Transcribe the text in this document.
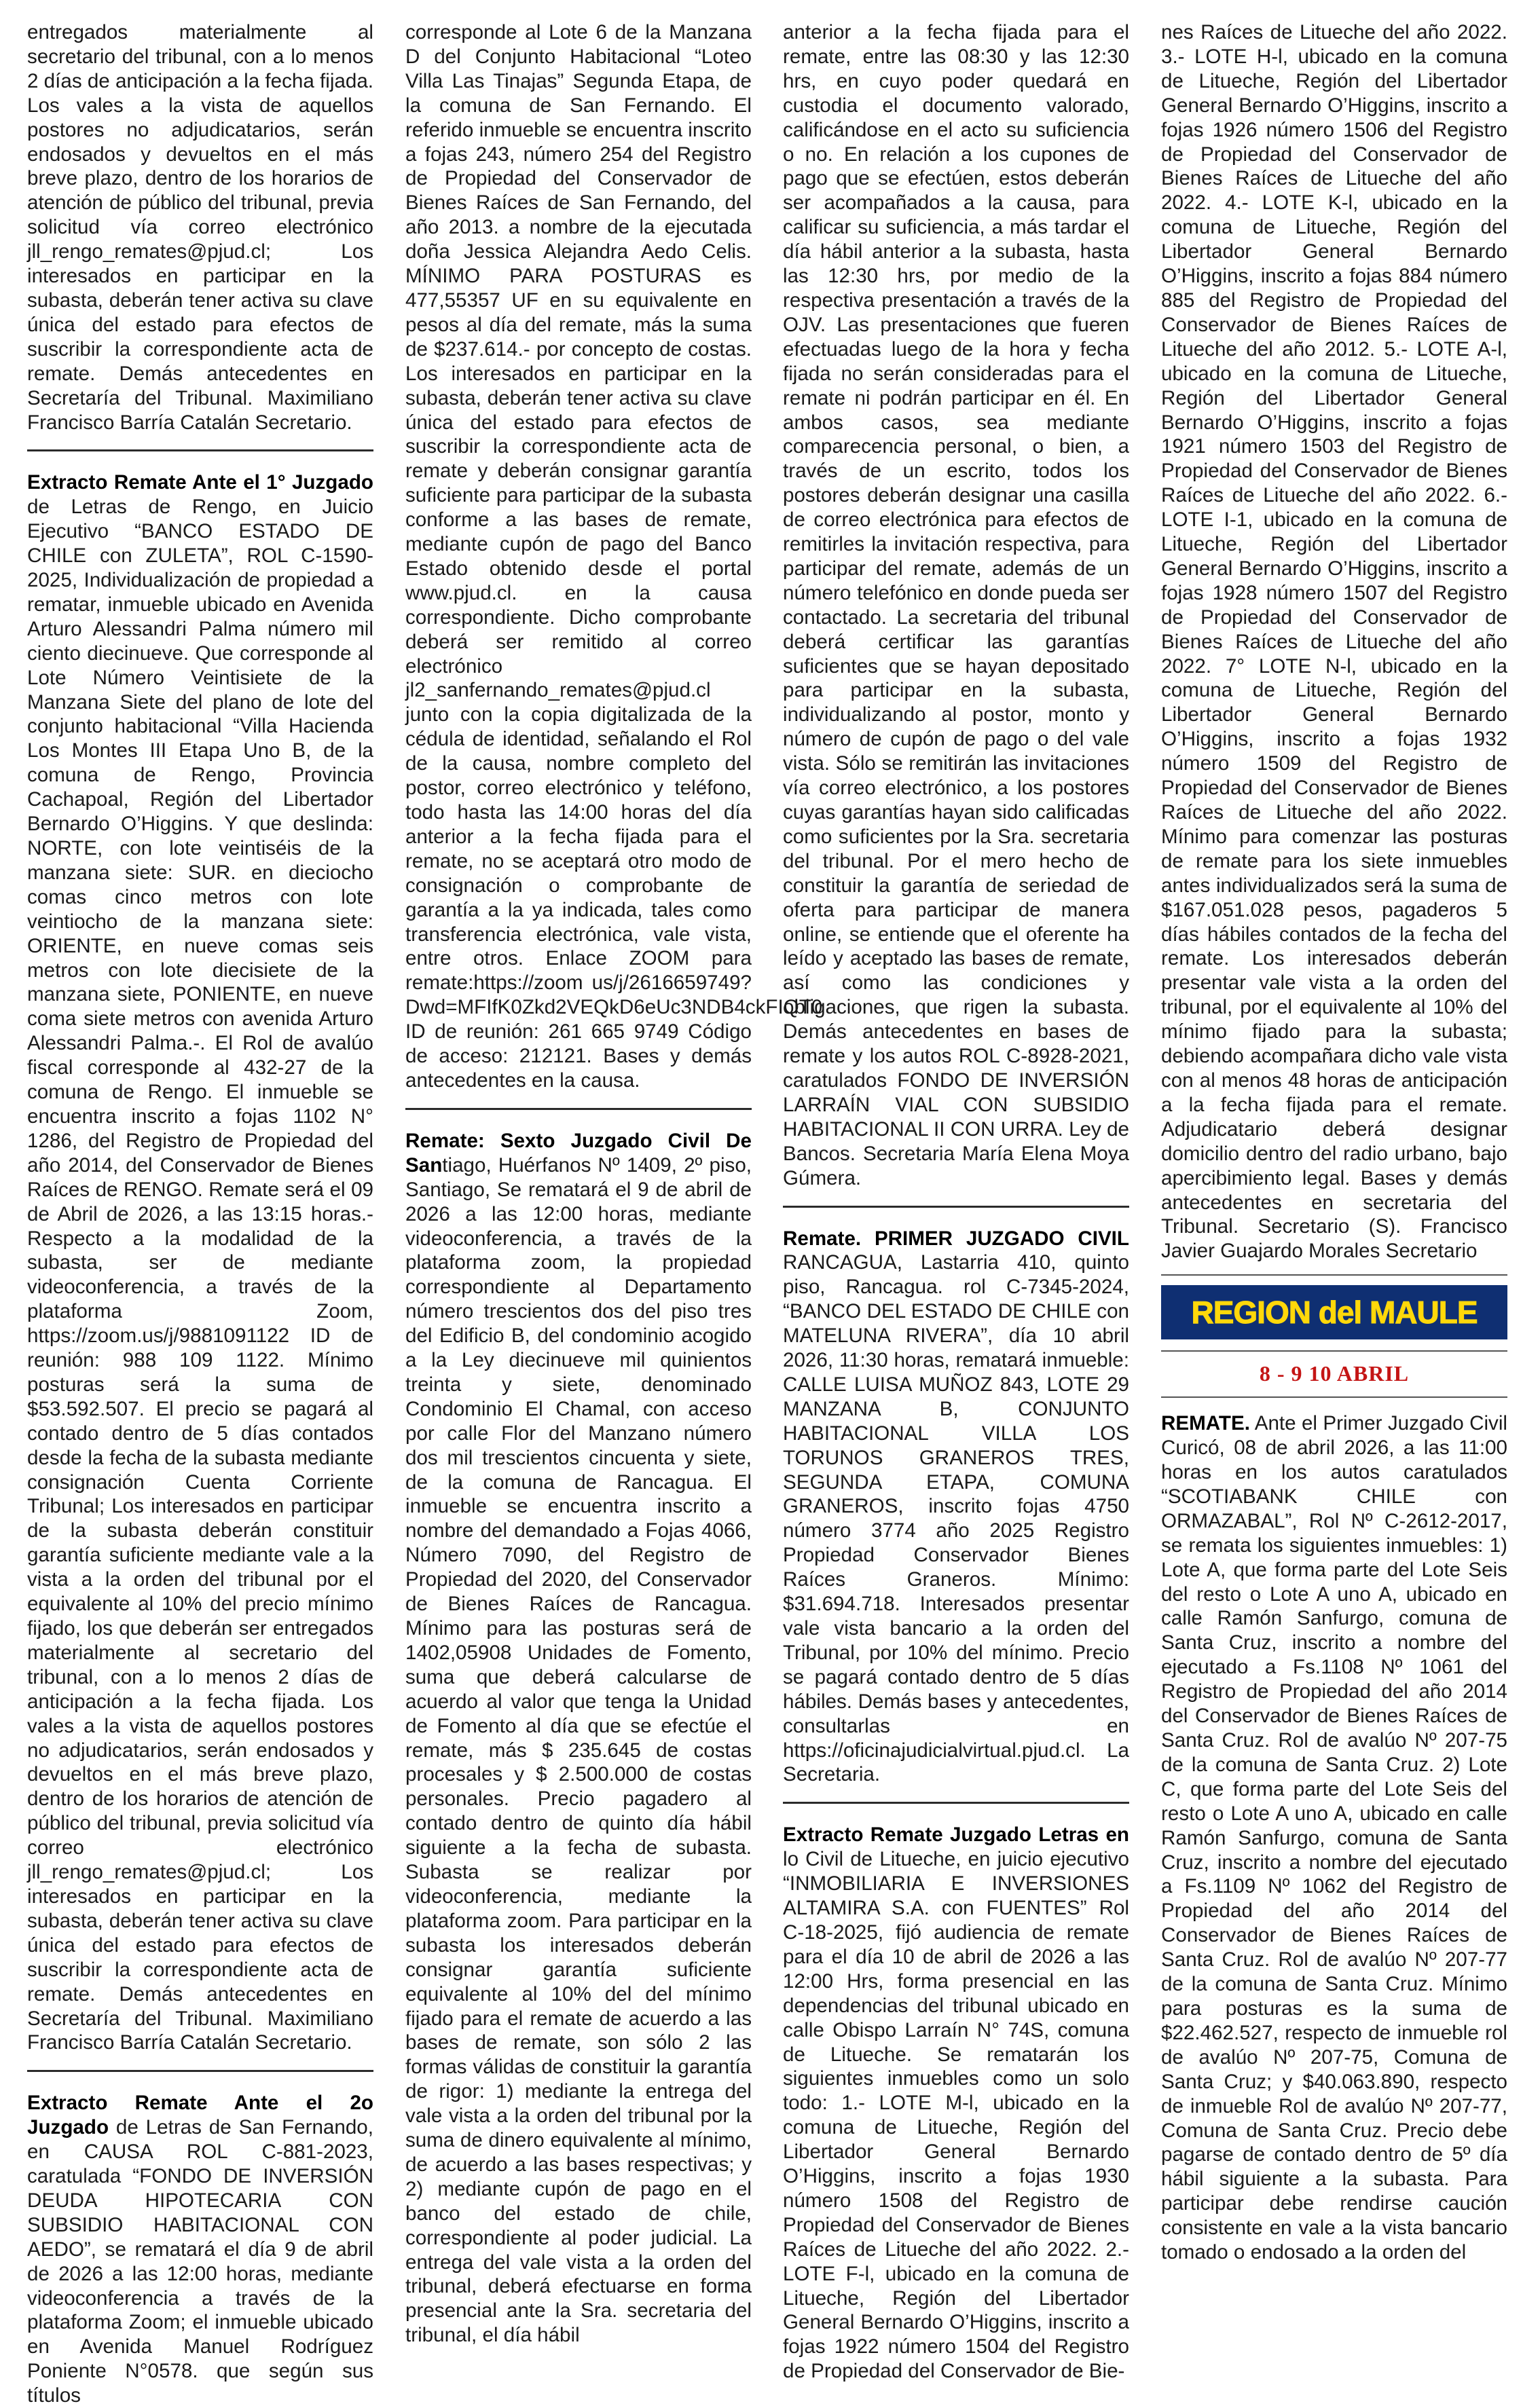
entregados materialmente al secretario del tribunal, con a lo menos 2 días de anticipación a la fecha fijada. Los vales a la vista de aquellos postores no adjudicatarios, serán endosados y devueltos en el más breve plazo, dentro de los horarios de atención de público del tribunal, previa solicitud vía correo electrónico jll_rengo_remates@pjud.cl; Los interesados en participar en la subasta, deberán tener activa su clave única del estado para efectos de suscribir la correspondiente acta de remate. Demás antecedentes en Secretaría del Tribunal. Maximiliano Francisco Barría Catalán Secretario.

Extracto Remate Ante el 1° Juzgado de Letras de Rengo, en Juicio Ejecutivo “BANCO ESTADO DE CHILE con ZULETA”, ROL C-1590-2025, Individualización de propiedad a rematar, inmueble ubicado en Avenida Arturo Alessandri Palma número mil ciento diecinueve. Que corresponde al Lote Número Veintisiete de la Manzana Siete del plano de lote del conjunto habitacional “Villa Hacienda Los Montes III Etapa Uno B, de la comuna de Rengo, Provincia Cachapoal, Región del Libertador Bernardo O’Higgins. Y que deslinda: NORTE, con lote veintiséis de la manzana siete: SUR. en dieciocho comas cinco metros con lote veintiocho de la manzana siete: ORIENTE, en nueve comas seis metros con lote diecisiete de la manzana siete, PONIENTE, en nueve coma siete metros con avenida Arturo Alessandri Palma.-. El Rol de avalúo fiscal corresponde al 432-27 de la comuna de Rengo. El inmueble se encuentra inscrito a fojas 1102 N° 1286, del Registro de Propiedad del año 2014, del Conservador de Bienes Raíces de RENGO. Remate será el 09 de Abril de 2026, a las 13:15 horas.- Respecto a la modalidad de la subasta, ser de mediante videoconferencia, a través de la plataforma Zoom, https://zoom.us/j/9881091122 ID de reunión: 988 109 1122. Mínimo posturas será la suma de $53.592.507. El precio se pagará al contado dentro de 5 días contados desde la fecha de la subasta mediante consignación Cuenta Corriente Tribunal; Los interesados en participar de la subasta deberán constituir garantía suficiente mediante vale a la vista a la orden del tribunal por el equivalente al 10% del precio mínimo fijado, los que deberán ser entregados materialmente al secretario del tribunal, con a lo menos 2 días de anticipación a la fecha fijada. Los vales a la vista de aquellos postores no adjudicatarios, serán endosados y devueltos en el más breve plazo, dentro de los horarios de atención de público del tribunal, previa solicitud vía correo electrónico jll_rengo_remates@pjud.cl; Los interesados en participar en la subasta, deberán tener activa su clave única del estado para efectos de suscribir la correspondiente acta de remate. Demás antecedentes en Secretaría del Tribunal. Maximiliano Francisco Barría Catalán Secretario.

Extracto Remate Ante el 2o Juzgado de Letras de San Fernando, en CAUSA ROL C-881-2023, caratulada “FONDO DE INVERSIÓN DEUDA HIPOTECARIA CON SUBSIDIO HABITACIONAL CON AEDO”, se rematará el día 9 de abril de 2026 a las 12:00 horas, mediante videoconferencia a través de la plataforma Zoom; el inmueble ubicado en Avenida Manuel Rodríguez Poniente N°0578. que según sus títulos

corresponde al Lote 6 de la Manzana D del Conjunto Habitacional “Loteo Villa Las Tinajas” Segunda Etapa, de la comuna de San Fernando. El referido inmueble se encuentra inscrito a fojas 243, número 254 del Registro de Propiedad del Conservador de Bienes Raíces de San Fernando, del año 2013. a nombre de la ejecutada doña Jessica Alejandra Aedo Celis. MÍNIMO PARA POSTURAS es 477,55357 UF en su equivalente en pesos al día del remate, más la suma de $237.614.- por concepto de costas. Los interesados en participar en la subasta, deberán tener activa su clave única del estado para efectos de suscribir la correspondiente acta de remate y deberán consignar garantía suficiente para participar de la subasta conforme a las bases de remate, mediante cupón de pago del Banco Estado obtenido desde el portal www.pjud.cl. en la causa correspondiente. Dicho comprobante deberá ser remitido al correo electrónico jl2_sanfernando_remates@pjud.cl junto con la copia digitalizada de la cédula de identidad, señalando el Rol de la causa, nombre completo del postor, correo electrónico y teléfono, todo hasta las 14:00 horas del día anterior a la fecha fijada para el remate, no se aceptará otro modo de consignación o comprobante de garantía a la ya indicada, tales como transferencia electrónica, vale vista, entre otros. Enlace ZOOM para remate:https://zoom us/j/2616659749?Dwd=MFIfK0Zkd2VEQkD6eUc3NDB4ckFIQT0 ID de reunión: 261 665 9749 Código de acceso: 212121. Bases y demás antecedentes en la causa.

Remate: Sexto Juzgado Civil De Santiago, Huérfanos Nº 1409, 2º piso, Santiago, Se rematará el 9 de abril de 2026 a las 12:00 horas, mediante videoconferencia, a través de la plataforma zoom, la propiedad correspondiente al Departamento número trescientos dos del piso tres del Edificio B, del condominio acogido a la Ley diecinueve mil quinientos treinta y siete, denominado Condominio El Chamal, con acceso por calle Flor del Manzano número dos mil trescientos cincuenta y siete, de la comuna de Rancagua. El inmueble se encuentra inscrito a nombre del demandado a Fojas 4066, Número 7090, del Registro de Propiedad del 2020, del Conservador de Bienes Raíces de Rancagua. Mínimo para las posturas será de 1402,05908 Unidades de Fomento, suma que deberá calcularse de acuerdo al valor que tenga la Unidad de Fomento al día que se efectúe el remate, más $ 235.645 de costas procesales y $ 2.500.000 de costas personales. Precio pagadero al contado dentro de quinto día hábil siguiente a la fecha de subasta. Subasta se realizar por videoconferencia, mediante la plataforma zoom. Para participar en la subasta los interesados deberán consignar garantía suficiente equivalente al 10% del del mínimo fijado para el remate de acuerdo a las bases de remate, son sólo 2 las formas válidas de constituir la garantía de rigor: 1) mediante la entrega del vale vista a la orden del tribunal por la suma de dinero equivalente al mínimo, de acuerdo a las bases respectivas; y 2) mediante cupón de pago en el banco del estado de chile, correspondiente al poder judicial. La entrega del vale vista a la orden del tribunal, deberá efectuarse en forma presencial ante la Sra. secretaria del tribunal, el día hábil

anterior a la fecha fijada para el remate, entre las 08:30 y las 12:30 hrs, en cuyo poder quedará en custodia el documento valorado, calificándose en el acto su suficiencia o no. En relación a los cupones de pago que se efectúen, estos deberán ser acompañados a la causa, para calificar su suficiencia, a más tardar el día hábil anterior a la subasta, hasta las 12:30 hrs, por medio de la respectiva presentación a través de la OJV. Las presentaciones que fueren efectuadas luego de la hora y fecha fijada no serán consideradas para el remate ni podrán participar en él. En ambos casos, sea mediante comparecencia personal, o bien, a través de un escrito, todos los postores deberán designar una casilla de correo electrónica para efectos de remitirles la invitación respectiva, para participar del remate, además de un número telefónico en donde pueda ser contactado. La secretaria del tribunal deberá certificar las garantías suficientes que se hayan depositado para participar en la subasta, individualizando al postor, monto y número de cupón de pago o del vale vista. Sólo se remitirán las invitaciones vía correo electrónico, a los postores cuyas garantías hayan sido calificadas como suficientes por la Sra. secretaria del tribunal. Por el mero hecho de constituir la garantía de seriedad de oferta para participar de manera online, se entiende que el oferente ha leído y aceptado las bases de remate, así como las condiciones y obligaciones, que rigen la subasta. Demás antecedentes en bases de remate y los autos ROL C-8928-2021, caratulados FONDO DE INVERSIÓN LARRAÍN VIAL CON SUBSIDIO HABITACIONAL II CON URRA. Ley de Bancos. Secretaria María Elena Moya Gúmera.

Remate. PRIMER JUZGADO CIVIL RANCAGUA, Lastarria 410, quinto piso, Rancagua. rol C-7345-2024, “BANCO DEL ESTADO DE CHILE con MATELUNA RIVERA”, día 10 abril 2026, 11:30 horas, rematará inmueble: CALLE LUISA MUÑOZ 843, LOTE 29 MANZANA B, CONJUNTO HABITACIONAL VILLA LOS TORUNOS GRANEROS TRES, SEGUNDA ETAPA, COMUNA GRANEROS, inscrito fojas 4750 número 3774 año 2025 Registro Propiedad Conservador Bienes Raíces Graneros. Mínimo: $31.694.718. Interesados presentar vale vista bancario a la orden del Tribunal, por 10% del mínimo. Precio se pagará contado dentro de 5 días hábiles. Demás bases y antecedentes, consultarlas en https://oficinajudicialvirtual.pjud.cl. La Secretaria.

Extracto Remate Juzgado Letras en lo Civil de Litueche, en juicio ejecutivo “INMOBILIARIA E INVERSIONES ALTAMIRA S.A. con FUENTES” Rol C-18-2025, fijó audiencia de remate para el día 10 de abril de 2026 a las 12:00 Hrs, forma presencial en las dependencias del tribunal ubicado en calle Obispo Larraín N° 74S, comuna de Litueche. Se rematarán los siguientes inmuebles como un solo todo: 1.- LOTE M-l, ubicado en la comuna de Litueche, Región del Libertador General Bernardo O’Higgins, inscrito a fojas 1930 número 1508 del Registro de Propiedad del Conservador de Bienes Raíces de Litueche del año 2022. 2.- LOTE F-l, ubicado en la comuna de Litueche, Región del Libertador General Bernardo O’Higgins, inscrito a fojas 1922 número 1504 del Registro de Propiedad del Conservador de Bie-

nes Raíces de Litueche del año 2022. 3.- LOTE H-l, ubicado en la comuna de Litueche, Región del Libertador General Bernardo O’Higgins, inscrito a fojas 1926 número 1506 del Registro de Propiedad del Conservador de Bienes Raíces de Litueche del año 2022. 4.- LOTE K-l, ubicado en la comuna de Litueche, Región del Libertador General Bernardo O’Higgins, inscrito a fojas 884 número 885 del Registro de Propiedad del Conservador de Bienes Raíces de Litueche del año 2012. 5.- LOTE A-l, ubicado en la comuna de Litueche, Región del Libertador General Bernardo O’Higgins, inscrito a fojas 1921 número 1503 del Registro de Propiedad del Conservador de Bienes Raíces de Litueche del año 2022. 6.- LOTE I-1, ubicado en la comuna de Litueche, Región del Libertador General Bernardo O’Higgins, inscrito a fojas 1928 número 1507 del Registro de Propiedad del Conservador de Bienes Raíces de Litueche del año 2022. 7° LOTE N-l, ubicado en la comuna de Litueche, Región del Libertador General Bernardo O’Higgins, inscrito a fojas 1932 número 1509 del Registro de Propiedad del Conservador de Bienes Raíces de Litueche del año 2022. Mínimo para comenzar las posturas de remate para los siete inmuebles antes individualizados será la suma de $167.051.028 pesos, pagaderos 5 días hábiles contados de la fecha del remate. Los interesados deberán presentar vale vista a la orden del tribunal, por el equivalente al 10% del mínimo fijado para la subasta; debiendo acompañara dicho vale vista con al menos 48 horas de anticipación a la fecha fijada para el remate. Adjudicatario deberá designar domicilio dentro del radio urbano, bajo apercibimiento legal. Bases y demás antecedentes en secretaria del Tribunal. Secretario (S). Francisco Javier Guajardo Morales Secretario

REGION del MAULE
8 - 9 10 ABRIL

REMATE. Ante el Primer Juzgado Civil Curicó, 08 de abril 2026, a las 11:00 horas en los autos caratulados “SCOTIABANK CHILE con ORMAZABAL”, Rol Nº C-2612-2017, se remata los siguientes inmuebles: 1) Lote A, que forma parte del Lote Seis del resto o Lote A uno A, ubicado en calle Ramón Sanfurgo, comuna de Santa Cruz, inscrito a nombre del ejecutado a Fs.1108 Nº 1061 del Registro de Propiedad del año 2014 del Conservador de Bienes Raíces de Santa Cruz. Rol de avalúo Nº 207-75 de la comuna de Santa Cruz. 2) Lote C, que forma parte del Lote Seis del resto o Lote A uno A, ubicado en calle Ramón Sanfurgo, comuna de Santa Cruz, inscrito a nombre del ejecutado a Fs.1109 Nº 1062 del Registro de Propiedad del año 2014 del Conservador de Bienes Raíces de Santa Cruz. Rol de avalúo Nº 207-77 de la comuna de Santa Cruz. Mínimo para posturas es la suma de $22.462.527, respecto de inmueble rol de avalúo Nº 207-75, Comuna de Santa Cruz; y $40.063.890, respecto de inmueble Rol de avalúo Nº 207-77, Comuna de Santa Cruz. Precio debe pagarse de contado dentro de 5º día hábil siguiente a la subasta. Para participar debe rendirse caución consistente en vale a la vista bancario tomado o endosado a la orden del
